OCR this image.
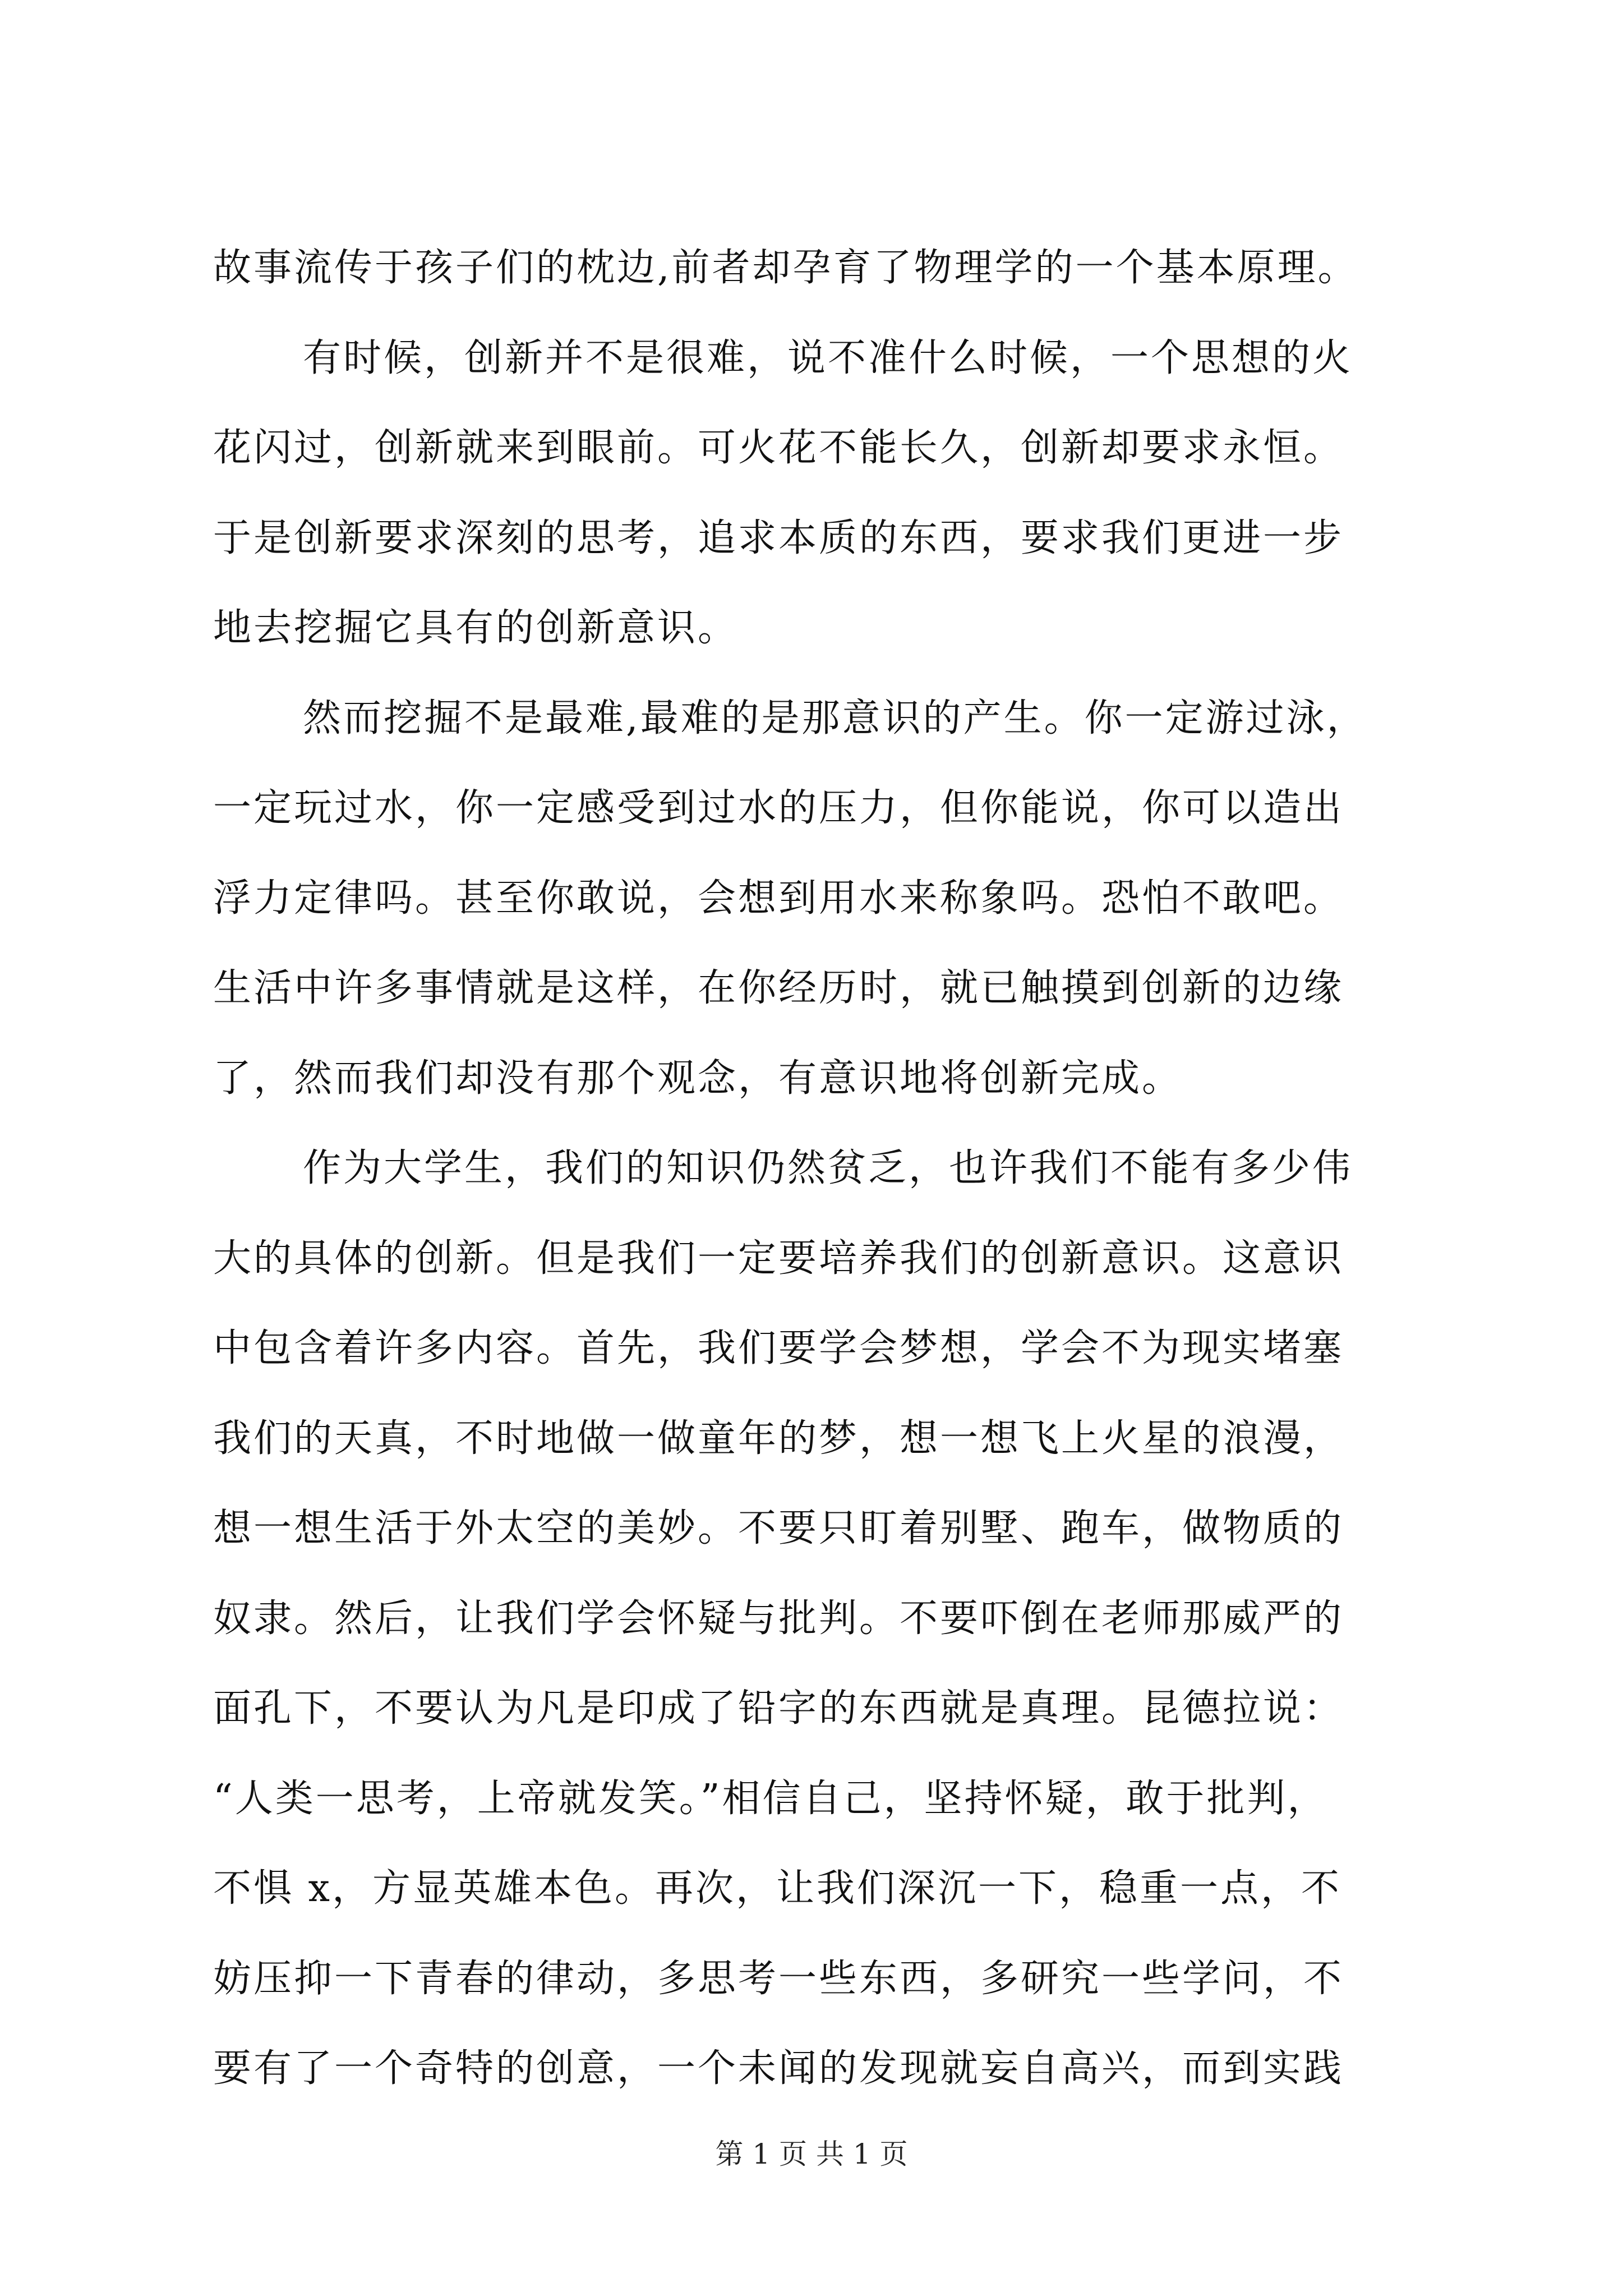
故事流传于孩子们的枕边,前者却孕育了物理学的一个基本原理。
有时候，创新并不是很难，说不准什么时候，一个思想的火
花闪过，创新就来到眼前。可火花不能长久，创新却要求永恒。
于是创新要求深刻的思考，追求本质的东西，要求我们更进一步
地去挖掘它具有的创新意识。
然而挖掘不是最难,最难的是那意识的产生。你一定游过泳，
一定玩过水，你一定感受到过水的压力，但你能说，你可以造出
浮力定律吗。甚至你敢说，会想到用水来称象吗。恐怕不敢吧。
生活中许多事情就是这样，在你经历时，就已触摸到创新的边缘
了，然而我们却没有那个观念，有意识地将创新完成。
作为大学生，我们的知识仍然贫乏，也许我们不能有多少伟
大的具体的创新。但是我们一定要培养我们的创新意识。这意识
中包含着许多内容。首先，我们要学会梦想，学会不为现实堵塞
我们的天真，不时地做一做童年的梦，想一想飞上火星的浪漫，
想一想生活于外太空的美妙。不要只盯着别墅、跑车，做物质的
奴隶。然后，让我们学会怀疑与批判。不要吓倒在老师那威严的
面孔下，不要认为凡是印成了铅字的东西就是真理。昆德拉说：
“人类一思考，上帝就发笑。”相信自己，坚持怀疑，敢于批判，
不惧 x，方显英雄本色。再次，让我们深沉一下，稳重一点，不
妨压抑一下青春的律动，多思考一些东西，多研究一些学问，不
要有了一个奇特的创意，一个未闻的发现就妄自高兴，而到实践
第 1 页 共 1 页
